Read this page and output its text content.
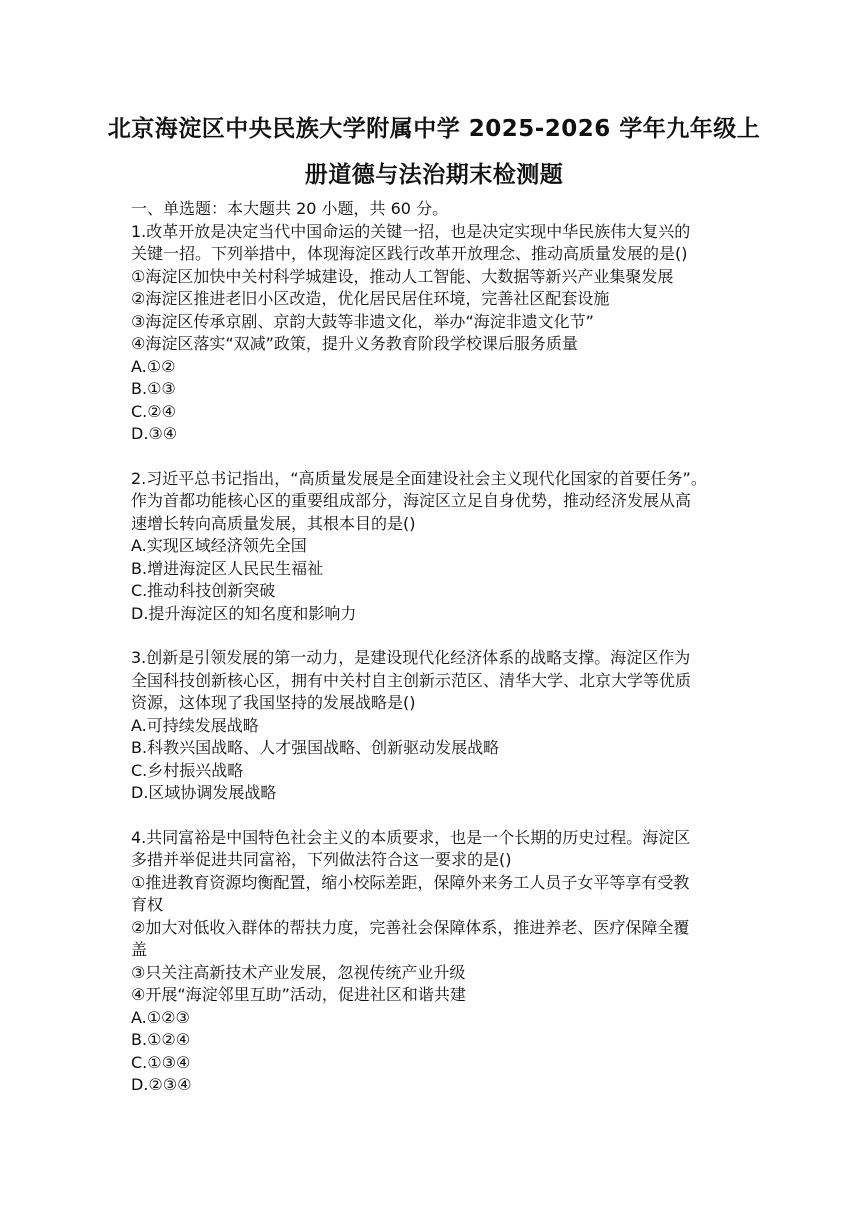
北京海淀区中央民族大学附属中学 2025-2026 学年九年级上
册道德与法治期末检测题
一、单选题：本大题共 20 小题，共 60 分。
1.改革开放是决定当代中国命运的关键一招，也是决定实现中华民族伟大复兴的
关键一招。下列举措中，体现海淀区践行改革开放理念、推动高质量发展的是()
①海淀区加快中关村科学城建设，推动人工智能、大数据等新兴产业集聚发展
②海淀区推进老旧小区改造，优化居民居住环境，完善社区配套设施
③海淀区传承京剧、京韵大鼓等非遗文化，举办“海淀非遗文化节”
④海淀区落实“双减”政策，提升义务教育阶段学校课后服务质量
A.①②
B.①③
C.②④
D.③④
2.习近平总书记指出，“高质量发展是全面建设社会主义现代化国家的首要任务”。
作为首都功能核心区的重要组成部分，海淀区立足自身优势，推动经济发展从高
速增长转向高质量发展，其根本目的是()
A.实现区域经济领先全国
B.增进海淀区人民民生福祉
C.推动科技创新突破
D.提升海淀区的知名度和影响力
3.创新是引领发展的第一动力，是建设现代化经济体系的战略支撑。海淀区作为
全国科技创新核心区，拥有中关村自主创新示范区、清华大学、北京大学等优质
资源，这体现了我国坚持的发展战略是()
A.可持续发展战略
B.科教兴国战略、人才强国战略、创新驱动发展战略
C.乡村振兴战略
D.区域协调发展战略
4.共同富裕是中国特色社会主义的本质要求，也是一个长期的历史过程。海淀区
多措并举促进共同富裕，下列做法符合这一要求的是()
①推进教育资源均衡配置，缩小校际差距，保障外来务工人员子女平等享有受教
育权
②加大对低收入群体的帮扶力度，完善社会保障体系，推进养老、医疗保障全覆
盖
③只关注高新技术产业发展，忽视传统产业升级
④开展“海淀邻里互助”活动，促进社区和谐共建
A.①②③
B.①②④
C.①③④
D.②③④
